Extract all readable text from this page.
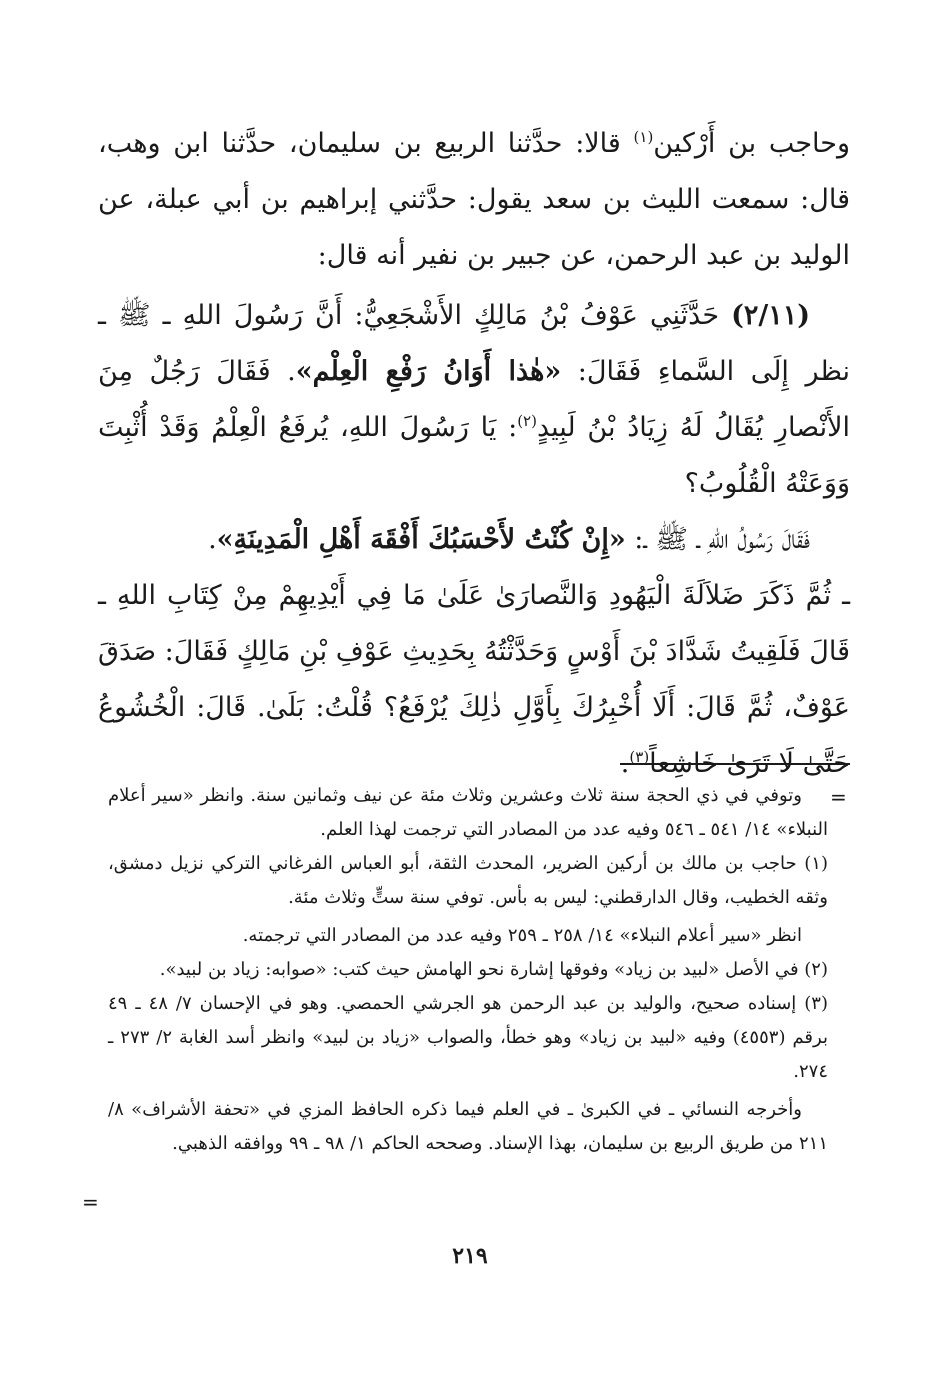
وحاجب بن أَرْكين$^{(١)}$ قالا: حدَّثنا الربيع بن سليمان، حدَّثنا ابن وهب، قال: سمعت الليث بن سعد يقول: حدَّثني إبراهيم بن أبي عبلة، عن الوليد بن عبد الرحمن، عن جبير بن نفير أنه قال:

(٢/١١) حَدَّثَنِي عَوْفُ بْنُ مَالِكٍ الأَشْجَعِيُّ: أَنَّ رَسُولَ اللهِ ـ ﷺ ـ نظر إِلَى السَّماءِ فَقَالَ: «هٰذا أَوَانُ رَفْعِ الْعِلْم». فَقَالَ رَجُلٌ مِنَ الأَنْصارِ يُقَالُ لَهُ زِيَادُ بْنُ لَبِيدٍ$^{(٢)}$: يَا رَسُولَ اللهِ، يُرفَعُ الْعِلْمُ وَقَدْ أُثْبِتَ وَوَعَتْهُ الْقُلُوبُ؟

فَقَالَ رَسُولُ اللهِ ـ ﷺ ـ: «إِنْ كُنْتُ لأَحْسَبُكَ أَفْقَهَ أَهْلِ الْمَدِينَةِ».

ـ ثُمَّ ذَكَرَ ضَلاَلَةَ الْيَهُودِ وَالنَّصارَىٰ عَلَىٰ مَا فِي أَيْدِيهِمْ مِنْ كِتَابِ اللهِ ـ قَالَ فَلَقِيتُ شَدَّادَ بْنَ أَوْسٍ وَحَدَّثْتُهُ بِحَدِيثِ عَوْفِ بْنِ مَالِكٍ فَقَالَ: صَدَقَ عَوْفٌ، ثُمَّ قَالَ: أَلَا أُخْبِرُكَ بِأَوَّلِ ذٰلِكَ يُرْفَعُ؟ قُلْتُ: بَلَىٰ. قَالَ: الْخُشُوعُ حَتَّىٰ لَا تَرَىٰ خَاشِعاً$^{(٣)}$.

=

وتوفي في ذي الحجة سنة ثلاث وعشرين وثلاث مئة عن نيف وثمانين سنة. وانظر «سير أعلام النبلاء» ١٤/ ٥٤١ ـ ٥٤٦ وفيه عدد من المصادر التي ترجمت لهذا العلم.

(١) حاجب بن مالك بن أركين الضرير، المحدث الثقة، أبو العباس الفرغاني التركي نزيل دمشق، وثقه الخطيب، وقال الدارقطني: ليس به بأس. توفي سنة ستٍّ وثلاث مئة.

انظر «سير أعلام النبلاء» ١٤/ ٢٥٨ ـ ٢٥٩ وفيه عدد من المصادر التي ترجمته.

(٢) في الأصل «لبيد بن زياد» وفوقها إشارة نحو الهامش حيث كتب: «صوابه: زياد بن لبيد».

(٣) إسناده صحيح، والوليد بن عبد الرحمن هو الجرشي الحمصي. وهو في الإحسان ٧/ ٤٨ ـ ٤٩ برقم (٤٥٥٣) وفيه «لبيد بن زياد» وهو خطأ، والصواب «زياد بن لبيد» وانظر أسد الغابة ٢/ ٢٧٣ ـ ٢٧٤.

وأخرجه النسائي ـ في الكبرىٰ ـ في العلم فيما ذكره الحافظ المزي في «تحفة الأشراف» ٨/ ٢١١ من طريق الربيع بن سليمان، بهذا الإسناد. وصححه الحاكم ١/ ٩٨ ـ ٩٩ ووافقه الذهبي.

=

٢١٩
